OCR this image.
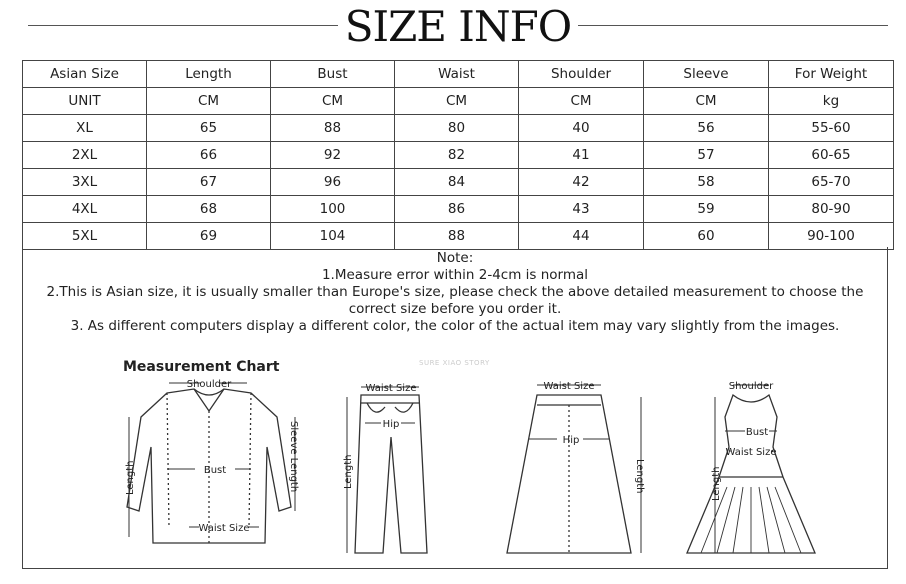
SIZE INFO
Asian Size	Length	Bust	Waist	Shoulder	Sleeve	For Weight
UNIT	CM	CM	CM	CM	CM	kg
XL	65	88	80	40	56	55-60
2XL	66	92	82	41	57	60-65
3XL	67	96	84	42	58	65-70
4XL	68	100	86	43	59	80-90
5XL	69	104	88	44	60	90-100
Note:
1.Measure error within 2-4cm is normal
2.This is Asian size, it is usually smaller than Europe's size, please check the above detailed measurement to choose the correct size before you order it.
3. As different computers display a different color, the color of the actual item may vary slightly from the images.
Measurement Chart	SURE XIAO STORY
Shoulder
Bust
Waist Size
Length	Sleeve Length
Waist Size
Hip
Length
Waist Size
Hip
Length
Shoulder
Bust
Waist Size
Length
